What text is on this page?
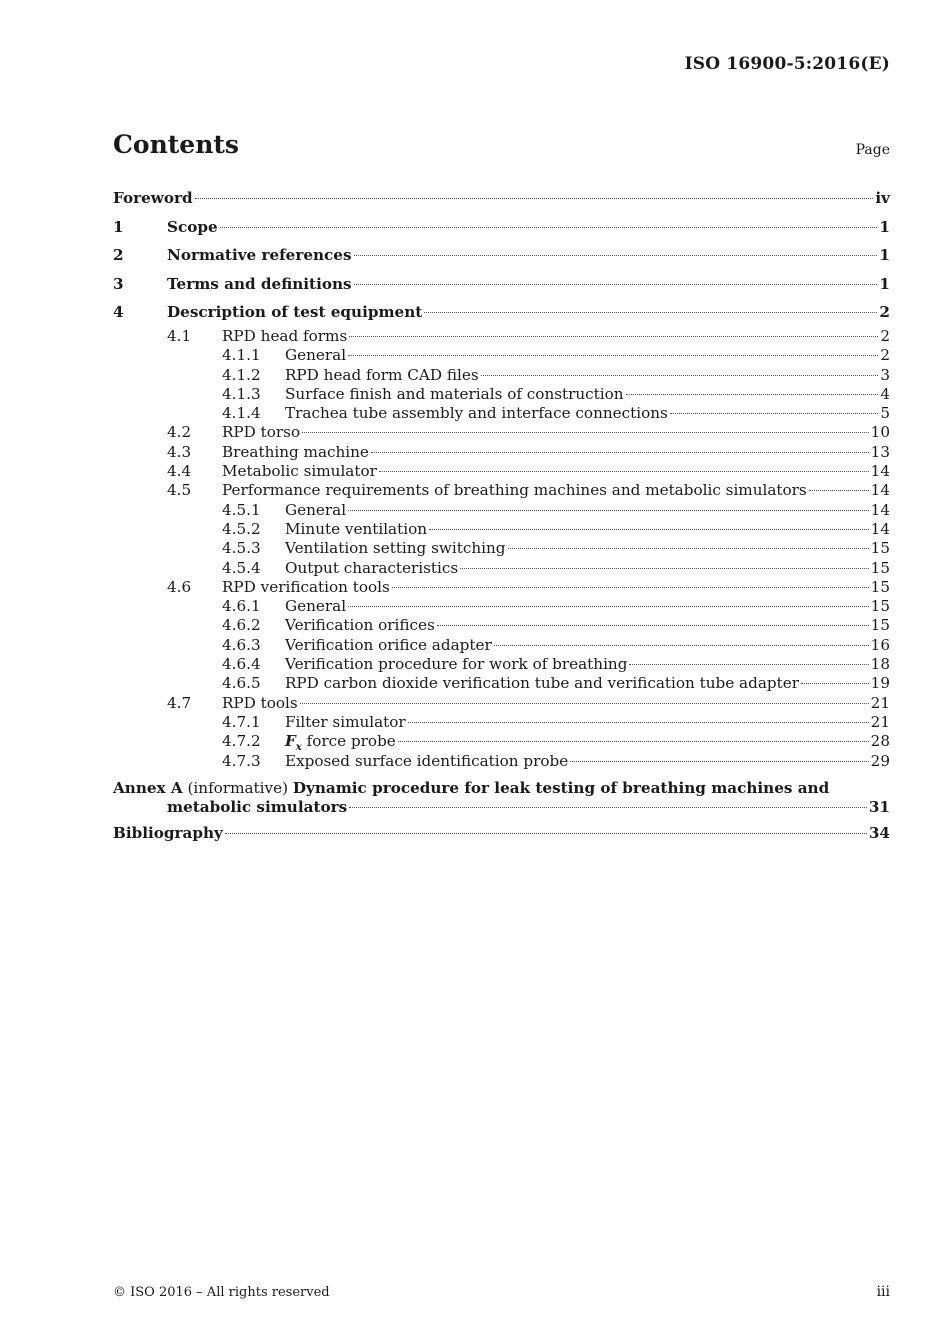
ISO 16900-5:2016(E)
Contents	Page
Foreword	iv
1	Scope	1
2	Normative references	1
3	Terms and definitions	1
4	Description of test equipment	2
4.1	RPD head forms	2
4.1.1	General	2
4.1.2	RPD head form CAD files	3
4.1.3	Surface finish and materials of construction	4
4.1.4	Trachea tube assembly and interface connections	5
4.2	RPD torso	10
4.3	Breathing machine	13
4.4	Metabolic simulator	14
4.5	Performance requirements of breathing machines and metabolic simulators	14
4.5.1	General	14
4.5.2	Minute ventilation	14
4.5.3	Ventilation setting switching	15
4.5.4	Output characteristics	15
4.6	RPD verification tools	15
4.6.1	General	15
4.6.2	Verification orifices	15
4.6.3	Verification orifice adapter	16
4.6.4	Verification procedure for work of breathing	18
4.6.5	RPD carbon dioxide verification tube and verification tube adapter	19
4.7	RPD tools	21
4.7.1	Filter simulator	21
4.7.2	$F_x$ force probe	28
4.7.3	Exposed surface identification probe	29
Annex A (informative) Dynamic procedure for leak testing of breathing machines and
metabolic simulators	31
Bibliography	34
© ISO 2016 – All rights reserved	iii
